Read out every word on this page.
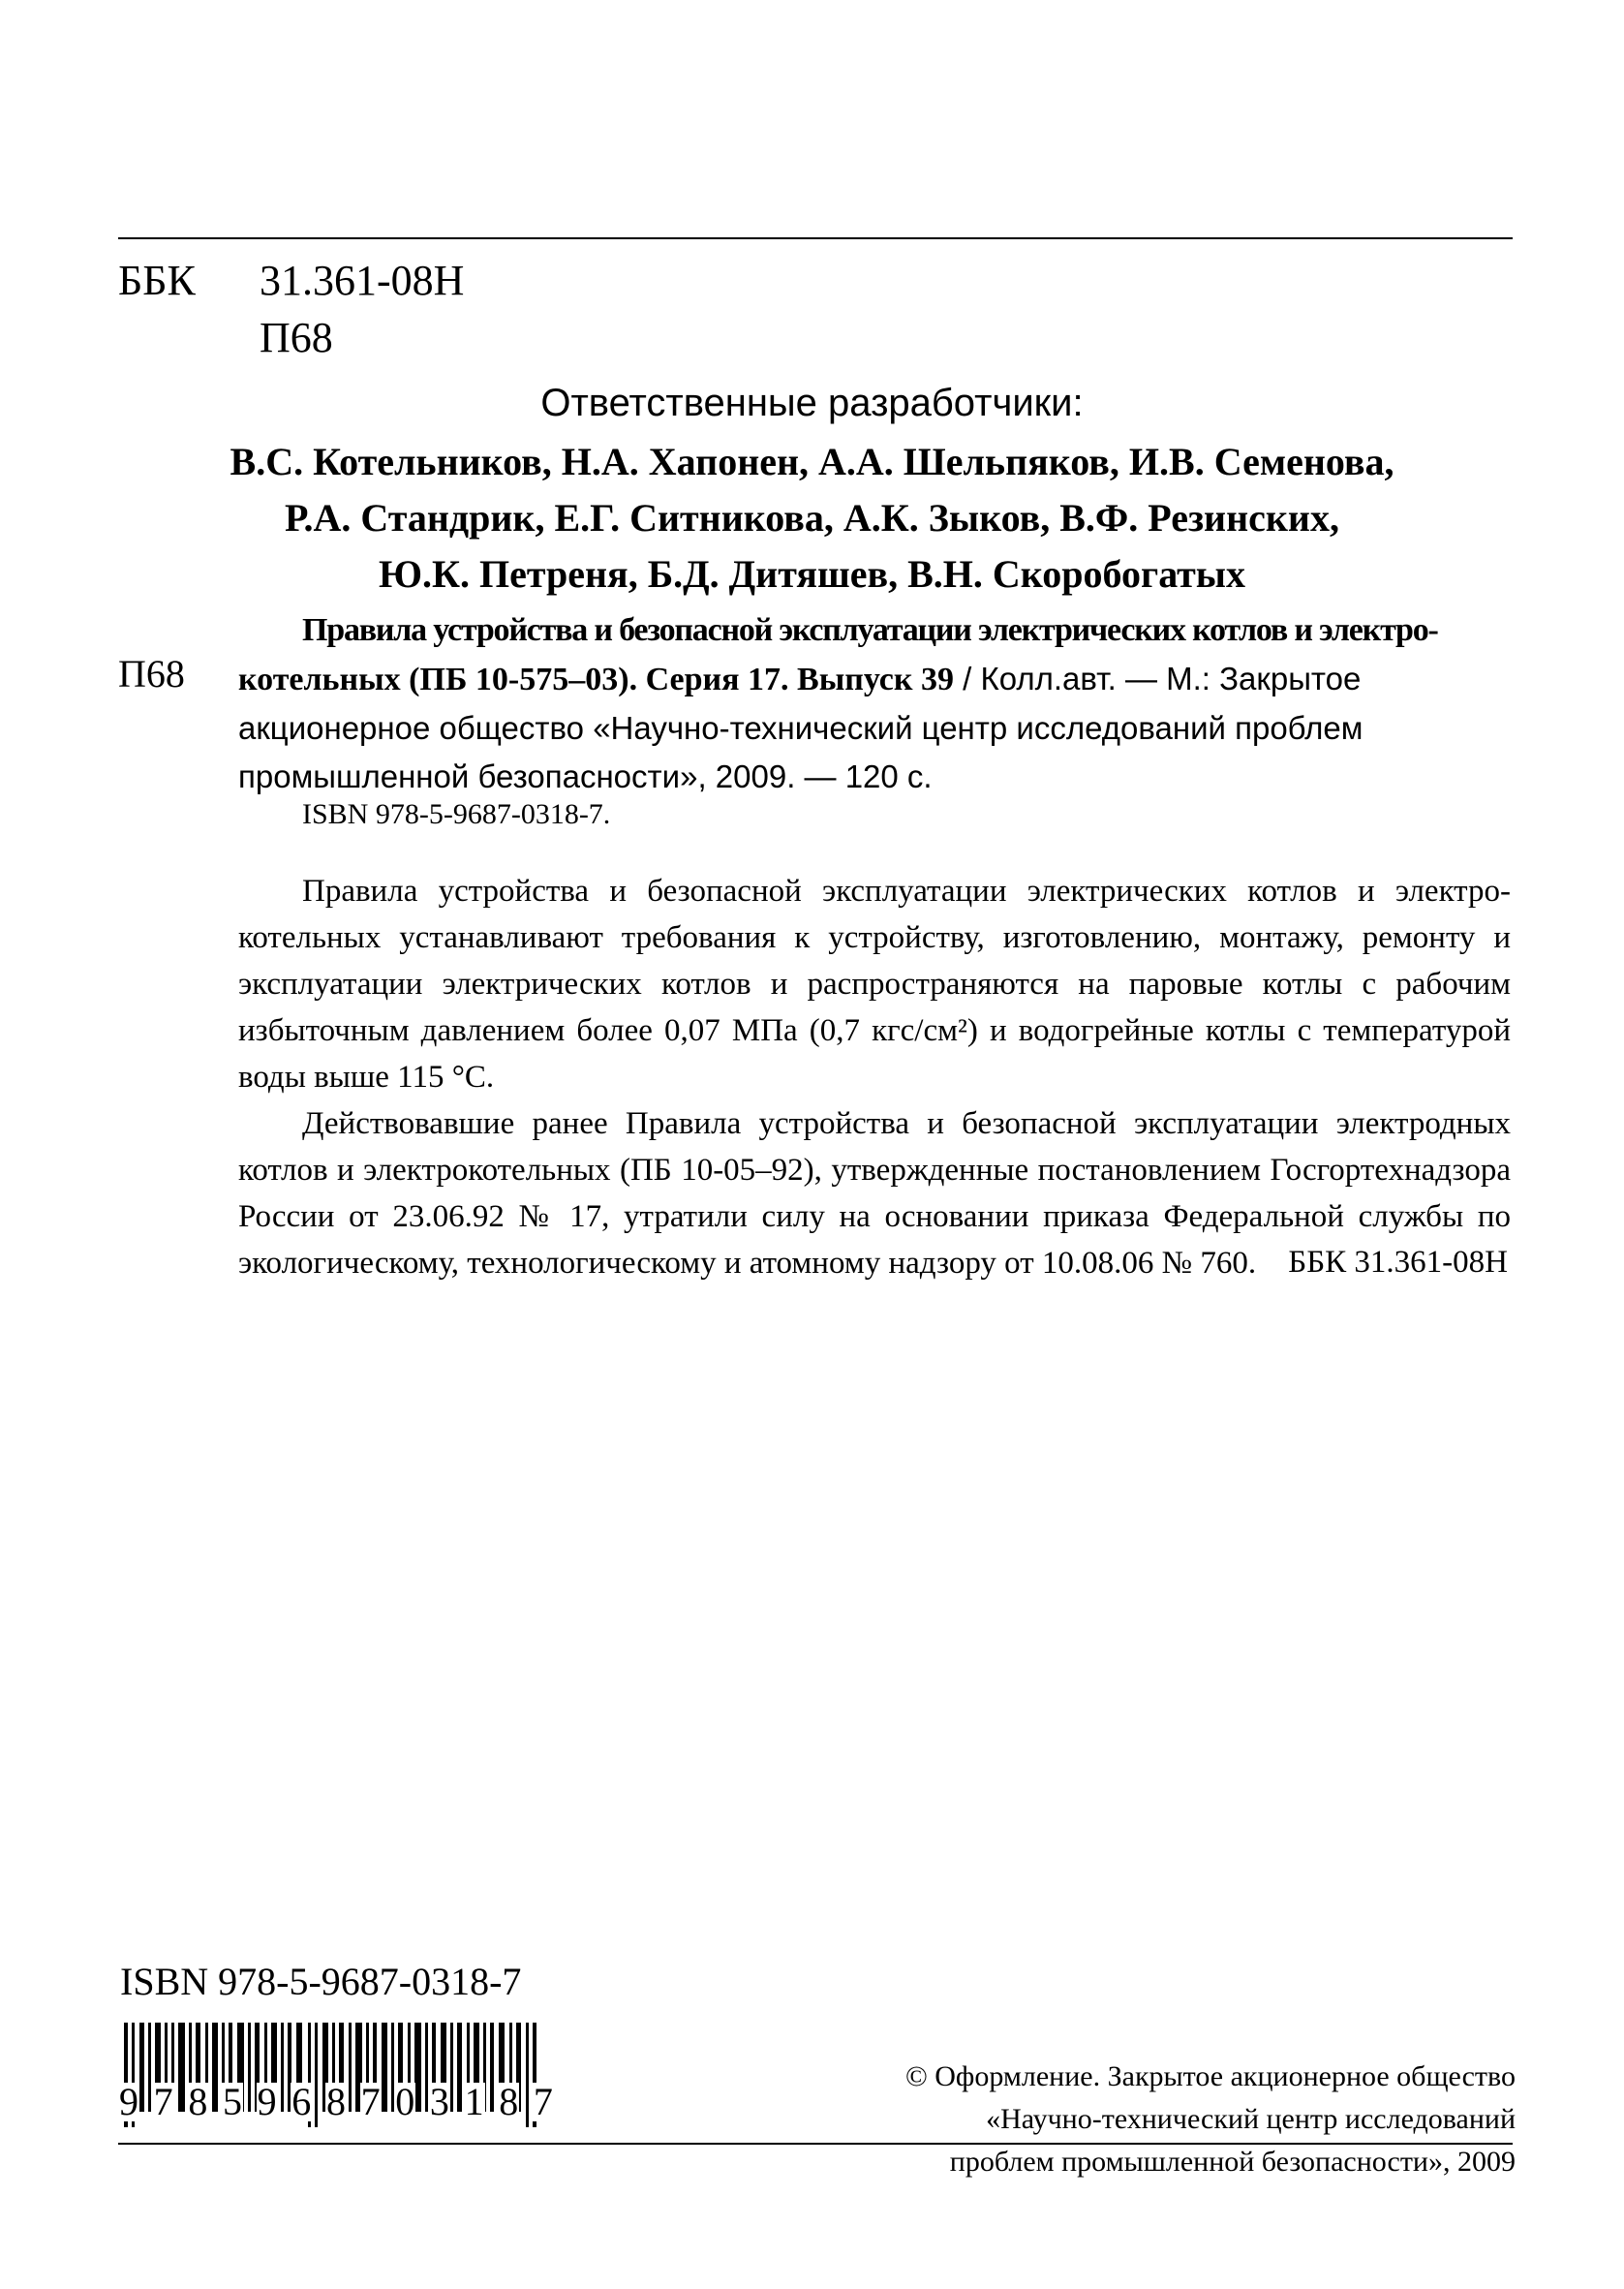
ББК 31.361-08Н
П68
Ответственные разработчики:
В.С. Котельников, Н.А. Хапонен, А.А. Шельпяков, И.В. Семенова,
Р.А. Стандрик, Е.Г. Ситникова, А.К. Зыков, В.Ф. Резинских,
Ю.К. Петреня, Б.Д. Дитяшев, В.Н. Скоробогатых
П68
Правила устройства и безопасной эксплуатации электрических котлов и электро-
котельных (ПБ 10-575–03). Серия 17. Выпуск 39 / Колл.авт. — М.: Закрытое
акционерное общество «Научно-технический центр исследований проблем
промышленной безопасности», 2009. — 120 с.
ISBN 978-5-9687-0318-7.

Правила устройства и безопасной эксплуатации электрических котлов и электро-котельных устанавливают требования к устройству, изготовлению, монтажу, ремонту и эксплуатации электрических котлов и распространяются на паровые котлы с рабочим избыточным давлением более 0,07 МПа (0,7 кгс/см²) и водогрейные котлы с температурой воды выше 115 °С.

Действовавшие ранее Правила устройства и безопасной эксплуатации электродных котлов и электрокотельных (ПБ 10-05–92), утвержденные постановлением Госгортехнадзора России от 23.06.92 № 17, утратили силу на основании приказа Федеральной службы по экологическому, технологическому и атомному надзору от 10.08.06 № 760.	ББК 31.361-08Н
ISBN 978-5-9687-0318-7
9 7 8 5 9 6 8 7 0 3 1 8 7
© Оформление. Закрытое акционерное общество
«Научно-технический центр исследований
проблем промышленной безопасности», 2009
